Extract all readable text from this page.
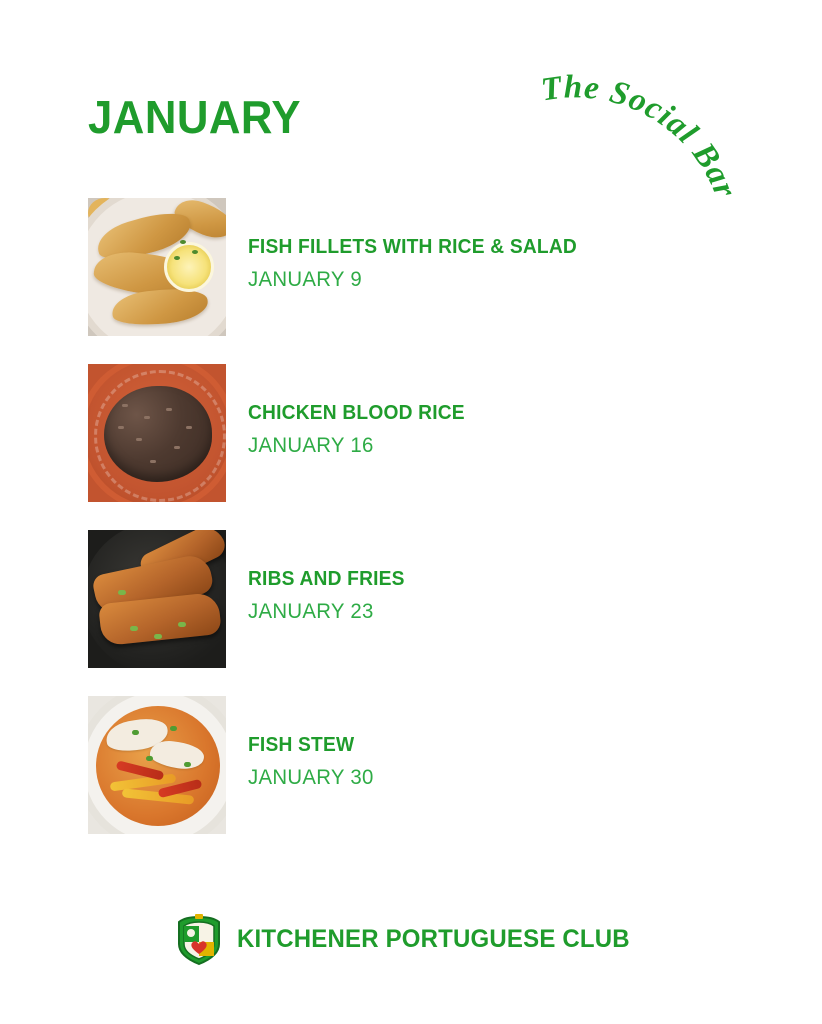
JANUARY
The Social Bar
FISH FILLETS WITH RICE & SALAD
JANUARY 9
CHICKEN BLOOD RICE
JANUARY 16
RIBS AND FRIES
JANUARY 23
FISH STEW
JANUARY 30
KITCHENER PORTUGUESE CLUB
